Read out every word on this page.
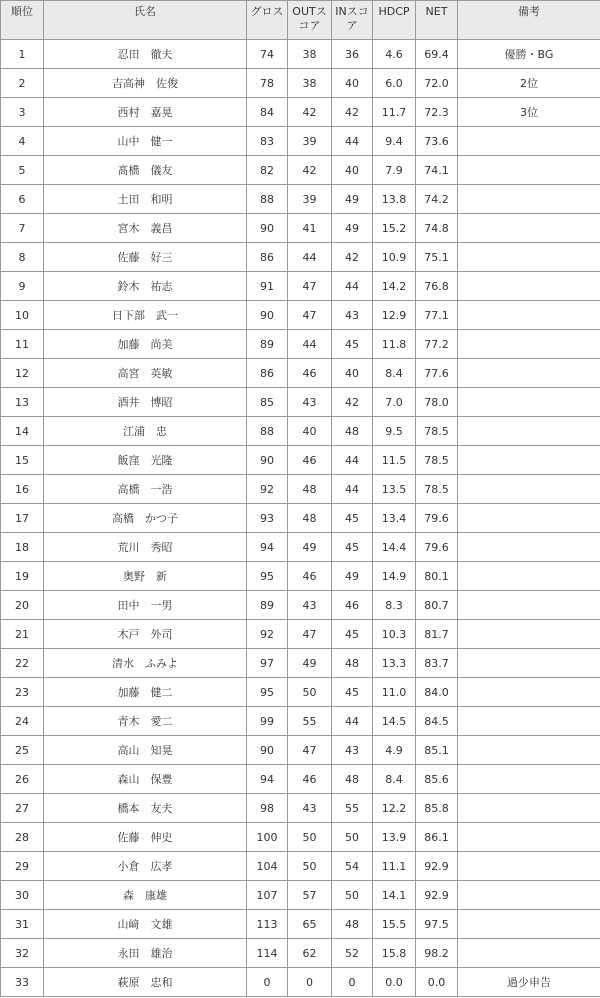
順位	氏名	グロス	OUTスコア	INスコア	HDCP	NET	備考
1	忍田　徹夫	74	38	36	4.6	69.4	優勝・BG
2	吉高神　佐俊	78	38	40	6.0	72.0	2位
3	西村　嘉晃	84	42	42	11.7	72.3	3位
4	山中　健一	83	39	44	9.4	73.6	
5	髙橋　儀友	82	42	40	7.9	74.1	
6	土田　和明	88	39	49	13.8	74.2	
7	宮木　義昌	90	41	49	15.2	74.8	
8	佐藤　好三	86	44	42	10.9	75.1	
9	鈴木　祐志	91	47	44	14.2	76.8	
10	日下部　武一	90	47	43	12.9	77.1	
11	加藤　尚美	89	44	45	11.8	77.2	
12	高宮　英敏	86	46	40	8.4	77.6	
13	酒井　博昭	85	43	42	7.0	78.0	
14	江浦　忠	88	40	48	9.5	78.5	
15	飯窪　光隆	90	46	44	11.5	78.5	
16	高橋　一浩	92	48	44	13.5	78.5	
17	高橋　かつ子	93	48	45	13.4	79.6	
18	荒川　秀昭	94	49	45	14.4	79.6	
19	奥野　新	95	46	49	14.9	80.1	
20	田中　一男	89	43	46	8.3	80.7	
21	木戸　外司	92	47	45	10.3	81.7	
22	清水　ふみよ	97	49	48	13.3	83.7	
23	加藤　健二	95	50	45	11.0	84.0	
24	青木　愛二	99	55	44	14.5	84.5	
25	高山　知晃	90	47	43	4.9	85.1	
26	森山　保豊	94	46	48	8.4	85.6	
27	橋本　友夫	98	43	55	12.2	85.8	
28	佐藤　伸史	100	50	50	13.9	86.1	
29	小倉　広孝	104	50	54	11.1	92.9	
30	森　康雄	107	57	50	14.1	92.9	
31	山﨑　文雄	113	65	48	15.5	97.5	
32	永田　雄治	114	62	52	15.8	98.2	
33	萩原　忠和	0	0	0	0.0	0.0	過少申告
